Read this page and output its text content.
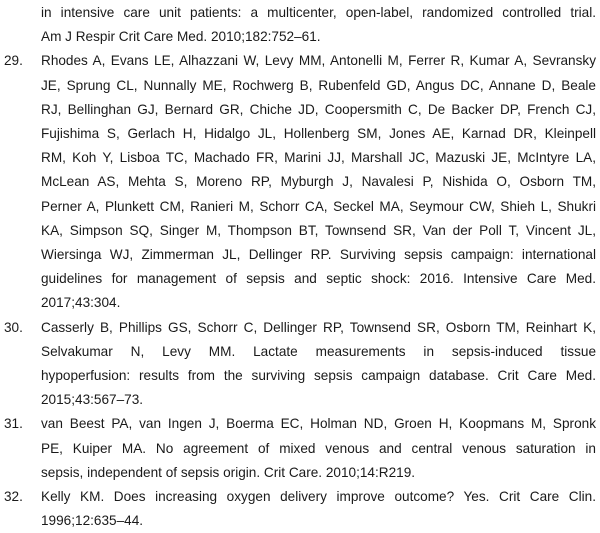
in intensive care unit patients: a multicenter, open-label, randomized controlled trial.
Am J Respir Crit Care Med. 2010;182:752–61.
29.	Rhodes A, Evans LE, Alhazzani W, Levy MM, Antonelli M, Ferrer R, Kumar A, Sevransky
JE, Sprung CL, Nunnally ME, Rochwerg B, Rubenfeld GD, Angus DC, Annane D, Beale
RJ, Bellinghan GJ, Bernard GR, Chiche JD, Coopersmith C, De Backer DP, French CJ,
Fujishima S, Gerlach H, Hidalgo JL, Hollenberg SM, Jones AE, Karnad DR, Kleinpell
RM, Koh Y, Lisboa TC, Machado FR, Marini JJ, Marshall JC, Mazuski JE, McIntyre LA,
McLean AS, Mehta S, Moreno RP, Myburgh J, Navalesi P, Nishida O, Osborn TM,
Perner A, Plunkett CM, Ranieri M, Schorr CA, Seckel MA, Seymour CW, Shieh L, Shukri
KA, Simpson SQ, Singer M, Thompson BT, Townsend SR, Van der Poll T, Vincent JL,
Wiersinga WJ, Zimmerman JL, Dellinger RP. Surviving sepsis campaign: international
guidelines for management of sepsis and septic shock: 2016. Intensive Care Med.
2017;43:304.
30.	Casserly B, Phillips GS, Schorr C, Dellinger RP, Townsend SR, Osborn TM, Reinhart K,
Selvakumar N, Levy MM. Lactate measurements in sepsis-induced tissue
hypoperfusion: results from the surviving sepsis campaign database. Crit Care Med.
2015;43:567–73.
31.	van Beest PA, van Ingen J, Boerma EC, Holman ND, Groen H, Koopmans M, Spronk
PE, Kuiper MA. No agreement of mixed venous and central venous saturation in
sepsis, independent of sepsis origin. Crit Care. 2010;14:R219.
32.	Kelly KM. Does increasing oxygen delivery improve outcome? Yes. Crit Care Clin.
1996;12:635–44.
